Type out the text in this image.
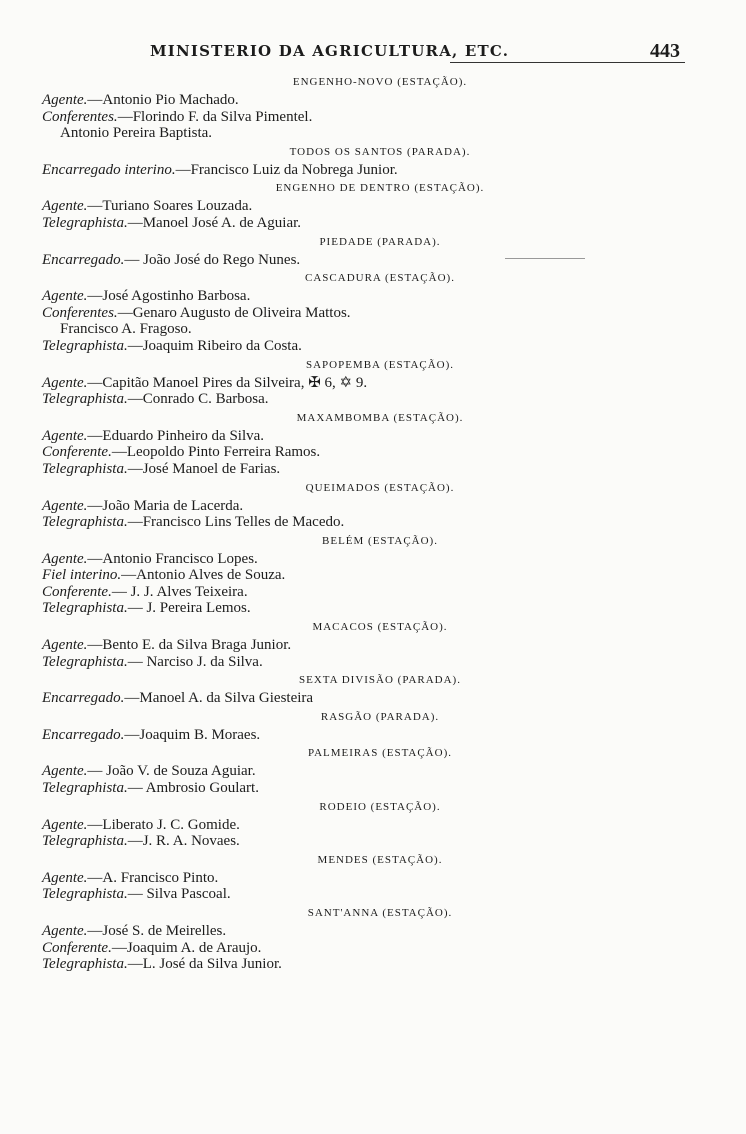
MINISTERIO DA AGRICULTURA, ETC.	443
ENGENHO-NOVO (ESTAÇÃO).
Agente.—Antonio Pio Machado.
Conferentes.—Florindo F. da Silva Pimentel.
Antonio Pereira Baptista.
TODOS OS SANTOS (PARADA).
Encarregado interino.—Francisco Luiz da Nobrega Junior.
ENGENHO DE DENTRO (ESTAÇÃO).
Agente.—Turiano Soares Louzada.
Telegraphista.—Manoel José A. de Aguiar.
PIEDADE (PARADA).
Encarregado.— João José do Rego Nunes.
CASCADURA (ESTAÇÃO).
Agente.—José Agostinho Barbosa.
Conferentes.—Genaro Augusto de Oliveira Mattos.
Francisco A. Fragoso.
Telegraphista.—Joaquim Ribeiro da Costa.
SAPOPEMBA (ESTAÇÃO).
Agente.—Capitão Manoel Pires da Silveira, ✠ 6, ✡ 9.
Telegraphista.—Conrado C. Barbosa.
MAXAMBOMBA (ESTAÇÃO).
Agente.—Eduardo Pinheiro da Silva.
Conferente.—Leopoldo Pinto Ferreira Ramos.
Telegraphista.—José Manoel de Farias.
QUEIMADOS (ESTAÇÃO).
Agente.—João Maria de Lacerda.
Telegraphista.—Francisco Lins Telles de Macedo.
BELÉM (ESTAÇÃO).
Agente.—Antonio Francisco Lopes.
Fiel interino.—Antonio Alves de Souza.
Conferente.— J. J. Alves Teixeira.
Telegraphista.— J. Pereira Lemos.
MACACOS (ESTAÇÃO).
Agente.—Bento E. da Silva Braga Junior.
Telegraphista.— Narciso J. da Silva.
SEXTA DIVISÃO (PARADA).
Encarregado.—Manoel A. da Silva Giesteira
RASGÃO (PARADA).
Encarregado.—Joaquim B. Moraes.
PALMEIRAS (ESTAÇÃO).
Agente.— João V. de Souza Aguiar.
Telegraphista.— Ambrosio Goulart.
RODEIO (ESTAÇÃO).
Agente.—Liberato J. C. Gomide.
Telegraphista.—J. R. A. Novaes.
MENDES (ESTAÇÃO).
Agente.—A. Francisco Pinto.
Telegraphista.— Silva Pascoal.
SANT'ANNA (ESTAÇÃO).
Agente.—José S. de Meirelles.
Conferente.—Joaquim A. de Araujo.
Telegraphista.—L. José da Silva Junior.
